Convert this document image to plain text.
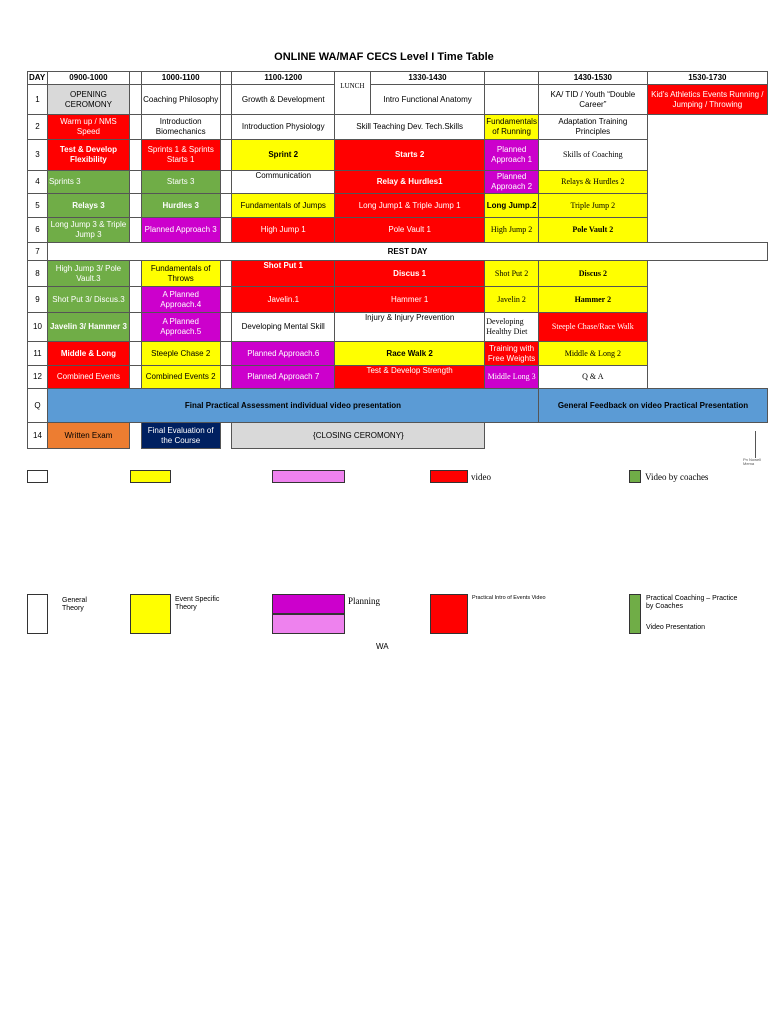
ONLINE WA/MAF CECS Level I Time Table
DAY	0900-1000		1000-1100		1100-1200	LUNCH	1330-1430		1430-1530	1530-1730
1	OPENING CEROMONY		Coaching Philosophy		Growth & Development		Intro Functional Anatomy		KA/ TID / Youth “Double Career”	Kid’s Athletics Events Running / Jumping / Throwing
2	Warm up / NMS Speed		Introduction Biomechanics		Introduction Physiology	Skill Teaching Dev. Tech.Skills		Fundamentals of Running	Adaptation Training Principles	
3	Test & Develop Flexibility		Sprints 1 & Sprints Starts 1		Sprint 2	Starts 2		Planned Approach 1	Skills of Coaching	
4	Sprints 3		Starts 3		Communication	Relay & Hurdles1		Planned Approach 2	Relays & Hurdles 2	
5	Relays 3		Hurdles 3		Fundamentals of Jumps	Long Jump1 & Triple Jump 1		Long Jump.2	Triple Jump 2	
6	Long Jump 3 & Triple Jump 3		Planned Approach 3		High Jump 1	Pole Vault 1		High Jump 2	Pole Vault 2	
7	REST DAY									
8	High Jump 3/ Pole Vault.3		Fundamentals of Throws		Shot Put 1	Discus 1		Shot Put 2	Discus 2	
9	Shot Put 3/ Discus.3		A Planned Approach.4		Javelin.1	Hammer 1		Javelin 2	Hammer 2	
10	Javelin 3/ Hammer 3		A Planned Approach.5		Developing Mental Skill	Injury & Injury Prevention		Developing Healthy Diet	Steeple Chase/Race Walk	
11	Middle & Long		Steeple Chase 2		Planned Approach.6	Race Walk 2		Training with Free Weights	Middle & Long 2	
12	Combined Events		Combined Events 2		Planned Approach 7	Test & Develop Strength		Middle Long 3	Q & A	
Q	Final Practical Assessment individual video presentation								General Feedback on video Practical Presentation	
14	Written Exam		Final Evaluation of the Course		{CLOSING CEROMONY}					
Pn Nowell Mema
video	Video by coaches
General Theory
Event Specific Theory
Planning	Practical Intro of Events Video	Practical Coaching – Practice by Coaches
Video Presentation
WA
